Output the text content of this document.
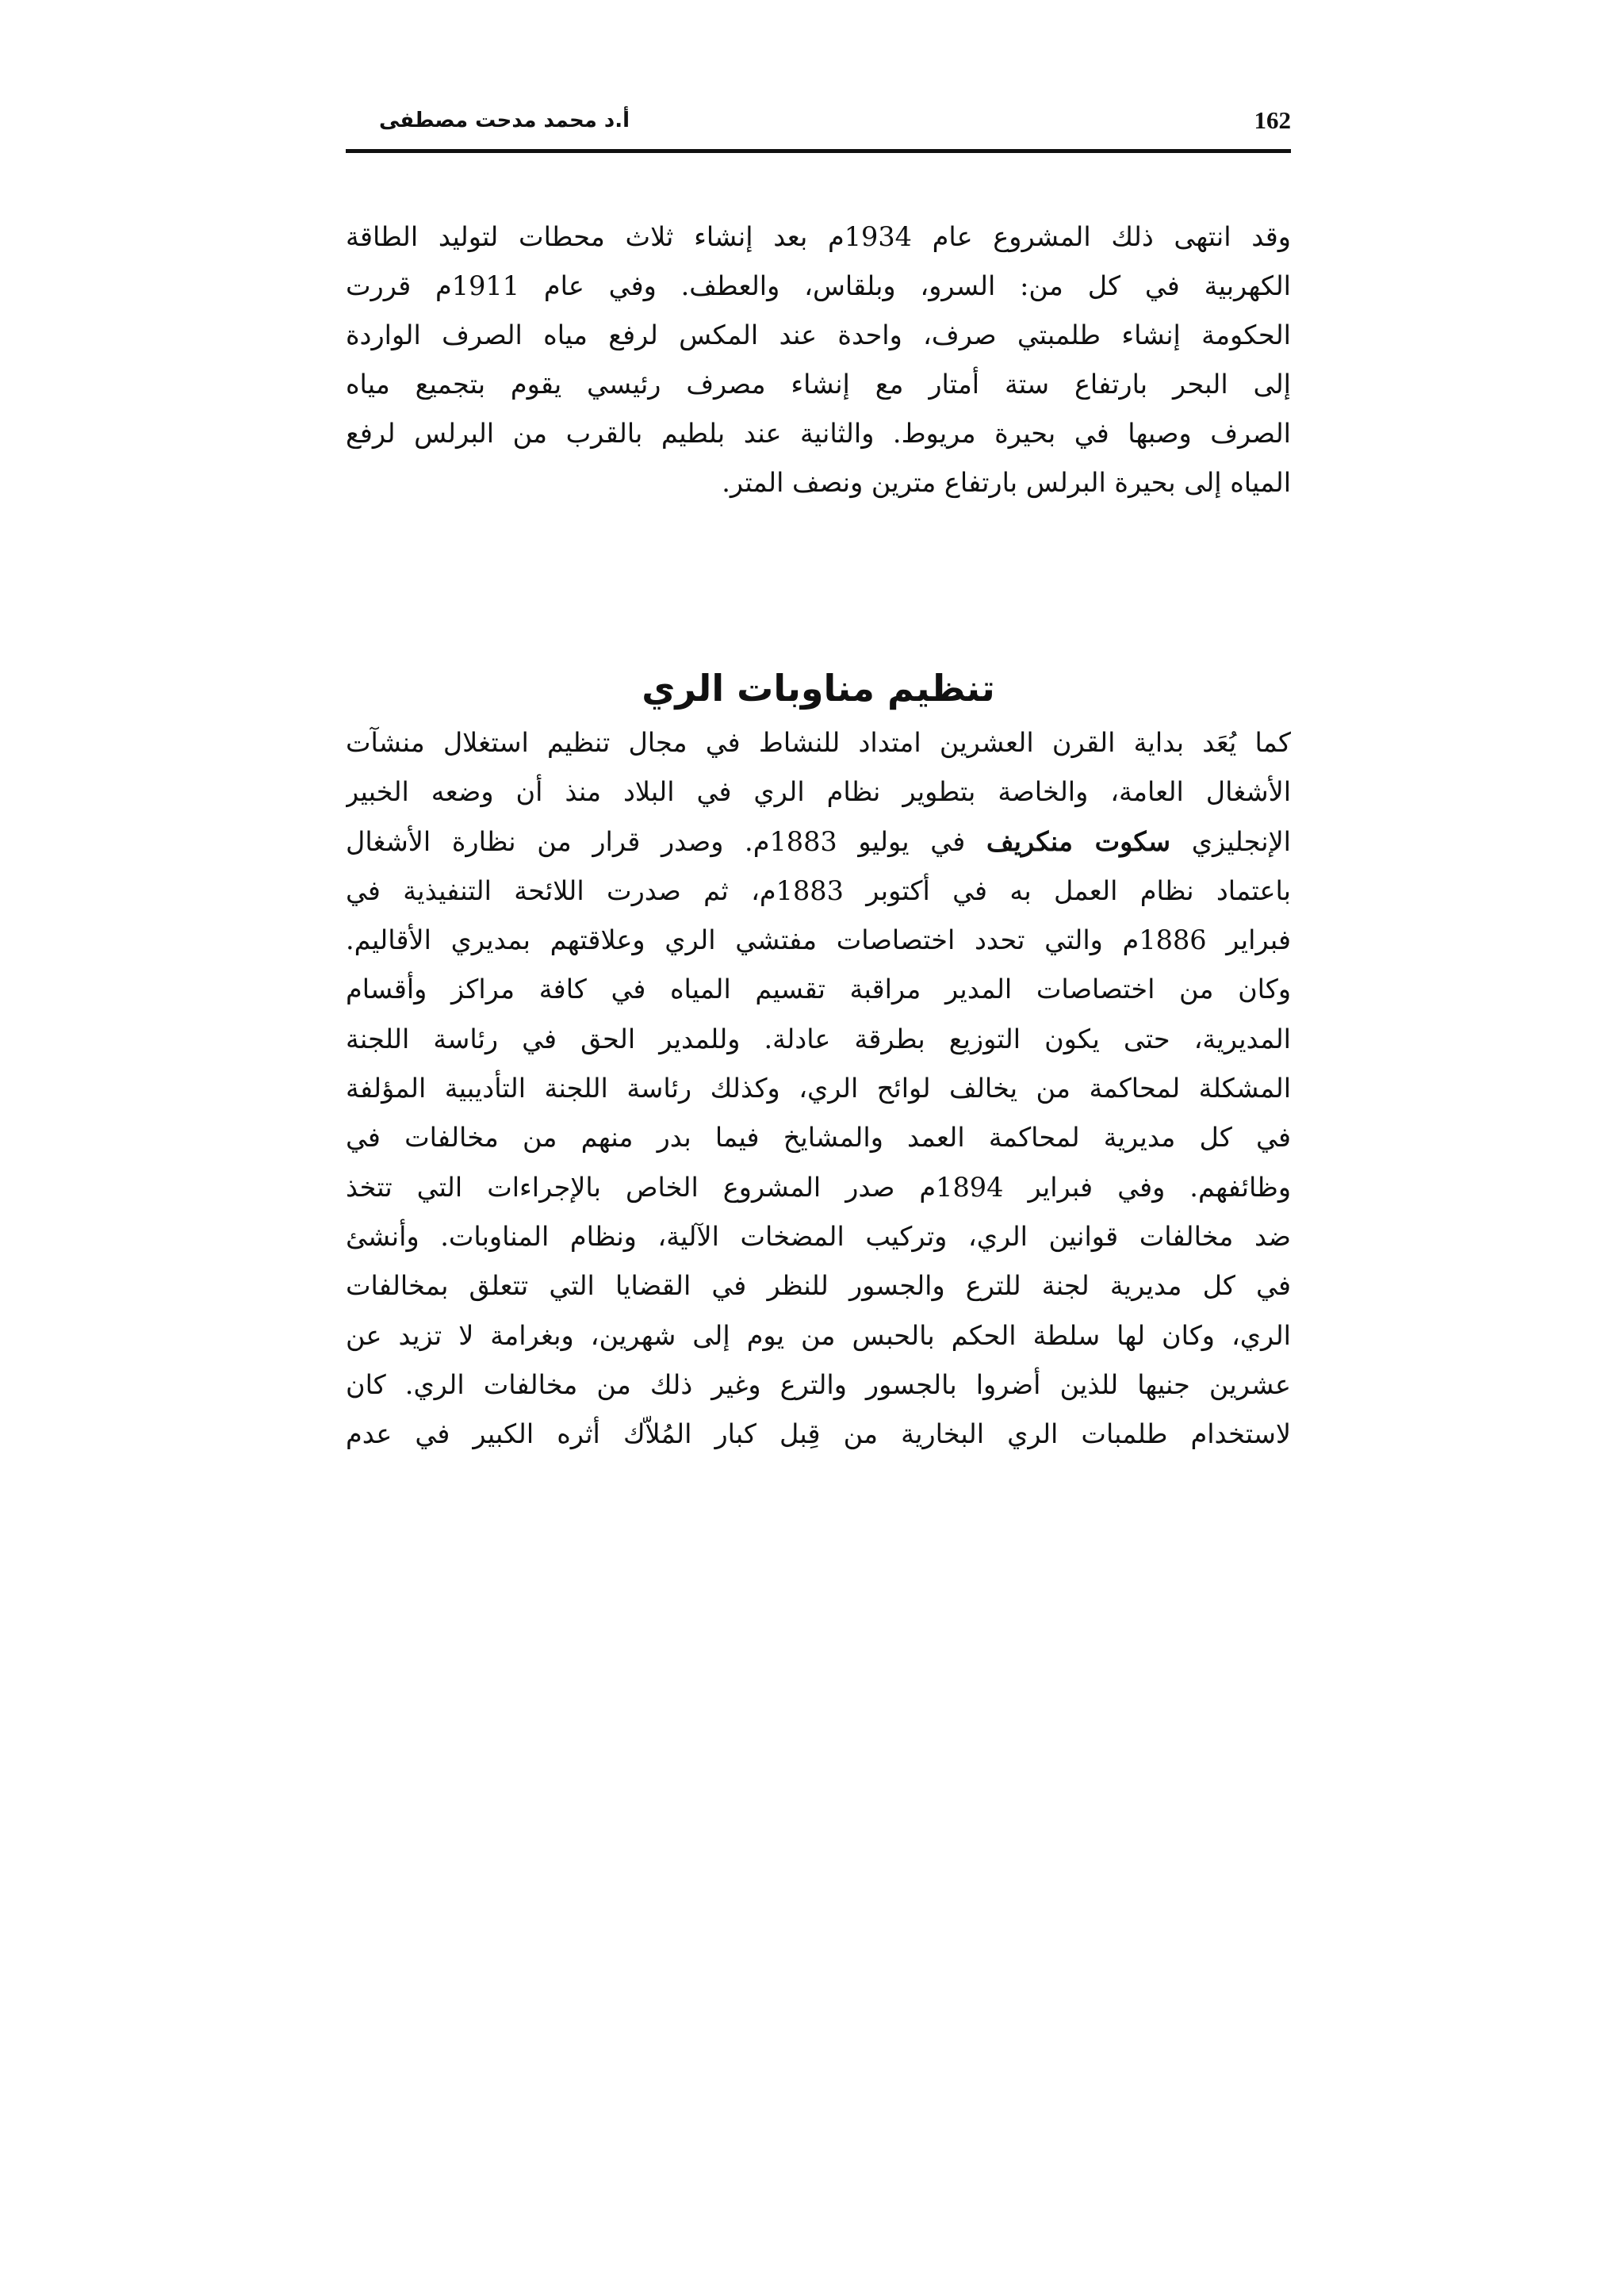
162
أ.د محمد مدحت مصطفى
وقد انتهى ذلك المشروع عام 1934م بعد إنشاء ثلاث محطات لتوليد الطاقة
الكهربية في كل من: السرو، وبلقاس، والعطف. وفي عام 1911م قررت
الحكومة إنشاء طلمبتي صرف، واحدة عند المكس لرفع مياه الصرف الواردة
إلى البحر بارتفاع ستة أمتار مع إنشاء مصرف رئيسي يقوم بتجميع مياه
الصرف وصبها في بحيرة مريوط. والثانية عند بلطيم بالقرب من البرلس لرفع
المياه إلى بحيرة البرلس بارتفاع مترين ونصف المتر.
تنظيم مناوبات الري
كما يُعَد بداية القرن العشرين امتداد للنشاط في مجال تنظيم استغلال منشآت
الأشغال العامة، والخاصة بتطوير نظام الري في البلاد منذ أن وضعه الخبير
الإنجليزي سكوت منكريف في يوليو 1883م. وصدر قرار من نظارة الأشغال
باعتماد نظام العمل به في أكتوبر 1883م، ثم صدرت اللائحة التنفيذية في
فبراير 1886م والتي تحدد اختصاصات مفتشي الري وعلاقتهم بمديري الأقاليم.
وكان من اختصاصات المدير مراقبة تقسيم المياه في كافة مراكز وأقسام
المديرية، حتى يكون التوزيع بطرقة عادلة. وللمدير الحق في رئاسة اللجنة
المشكلة لمحاكمة من يخالف لوائح الري، وكذلك رئاسة اللجنة التأديبية المؤلفة
في كل مديرية لمحاكمة العمد والمشايخ فيما بدر منهم من مخالفات في
وظائفهم. وفي فبراير 1894م صدر المشروع الخاص بالإجراءات التي تتخذ
ضد مخالفات قوانين الري، وتركيب المضخات الآلية، ونظام المناوبات. وأنشئ
في كل مديرية لجنة للترع والجسور للنظر في القضايا التي تتعلق بمخالفات
الري، وكان لها سلطة الحكم بالحبس من يوم إلى شهرين، وبغرامة لا تزيد عن
عشرين جنيها للذين أضروا بالجسور والترع وغير ذلك من مخالفات الري. كان
لاستخدام طلمبات الري البخارية من قِبل كبار المُلاّك أثره الكبير في عدم
